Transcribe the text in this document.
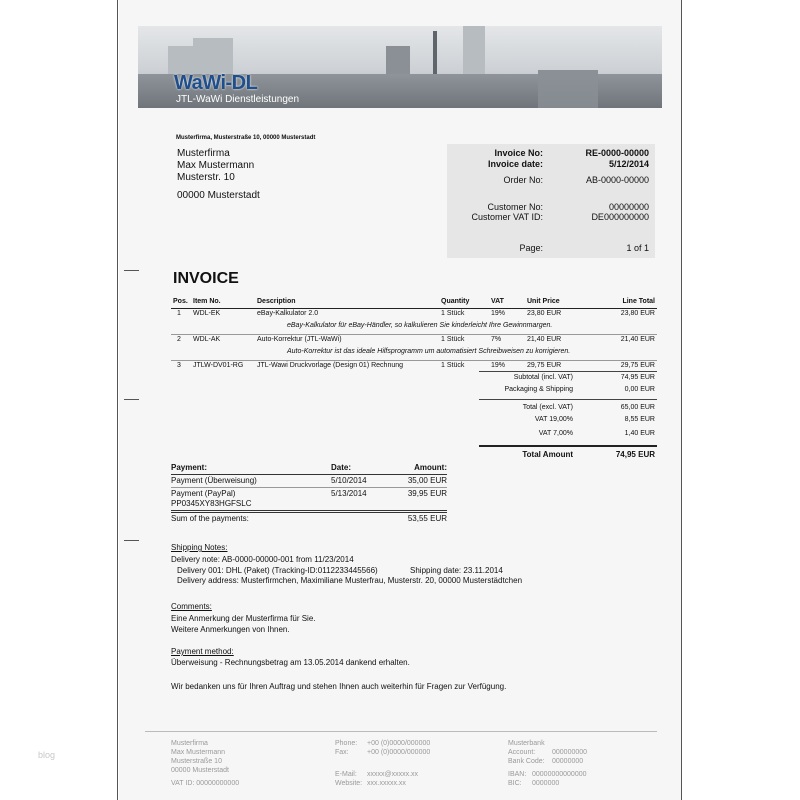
blog
WaWi-DL
JTL-WaWi Dienstleistungen
Musterfirma, Musterstraße 10, 00000 Musterstadt
Musterfirma
Max Mustermann
Musterstr. 10
00000 Musterstadt
Invoice No:	RE-0000-00000
Invoice date:	5/12/2014
Order No:	AB-0000-00000
Customer No:	00000000
Customer VAT ID:	DE000000000
Page:	1 of 1
INVOICE
Pos. Item No.	Description	Quantity	VAT	Unit Price	Line Total
1 WDL-EK	eBay-Kalkulator 2.0	1 Stück	19%	23,80 EUR	23,80 EUR
eBay-Kalkulator für eBay-Händler, so kalkulieren Sie kinderleicht Ihre Gewinnmargen.
2 WDL-AK	Auto-Korrektur (JTL-WaWi)	1 Stück	7%	21,40 EUR	21,40 EUR
Auto-Korrektur ist das ideale Hilfsprogramm um automatisiert Schreibweisen zu korrigieren.
3 JTLW-DV01-RG JTL-Wawi Druckvorlage (Design 01) Rechnung	1 Stück	19%	29,75 EUR	29,75 EUR
Subtotal (incl. VAT)	74,95 EUR
Packaging & Shipping	0,00 EUR
Total (excl. VAT)	65,00 EUR
VAT 19,00%	8,55 EUR
VAT 7,00%	1,40 EUR
Total Amount	74,95 EUR
Payment:	Date:	Amount:
Payment (Überweisung)	5/10/2014	35,00 EUR
Payment (PayPal)	5/13/2014	39,95 EUR
PP0345XY83HGFSLC
Sum of the payments:	53,55 EUR
Shipping Notes:
Delivery note: AB-0000-00000-001 from 11/23/2014
Delivery 001: DHL (Paket) (Tracking-ID:0112233445566)	Shipping date: 23.11.2014
Delivery address: Musterfirmchen, Maximiliane Musterfrau, Musterstr. 20, 00000 Musterstädtchen
Comments:
Eine Anmerkung der Musterfirma für Sie.
Weitere Anmerkungen von Ihnen.
Payment method:
Überweisung - Rechnungsbetrag am 13.05.2014 dankend erhalten.
Wir bedanken uns für Ihren Auftrag und stehen Ihnen auch weiterhin für Fragen zur Verfügung.
Musterfirma
Max Mustermann
Musterstraße 10
00000 Musterstadt
VAT ID: 00000000000
Phone: +00 (0)0000/000000
Fax:	+00 (0)0000/000000
E-Mail: xxxxx@xxxxx.xx
Website: xxx.xxxxx.xx
Musterbank
Account: 000000000
Bank Code: 00000000
IBAN: 00000000000000
BIC: 0000000
